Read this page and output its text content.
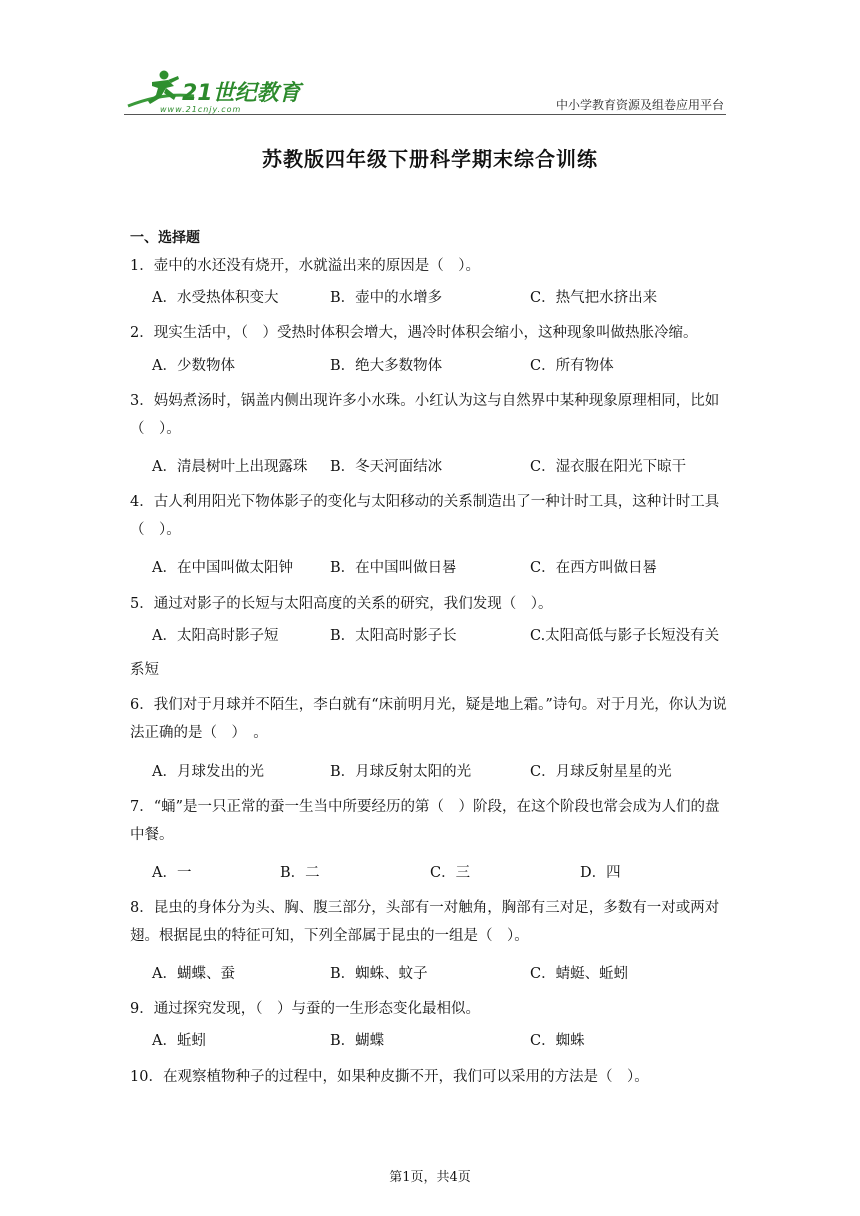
21世纪教育
www.21cnjy.com	中小学教育资源及组卷应用平台
苏教版四年级下册科学期末综合训练
一、选择题
1．壶中的水还没有烧开，水就溢出来的原因是（　）。
A．水受热体积变大	B．壶中的水增多	C．热气把水挤出来
2．现实生活中，（　）受热时体积会增大，遇冷时体积会缩小，这种现象叫做热胀冷缩。
A．少数物体	B．绝大多数物体	C．所有物体
3．妈妈煮汤时，锅盖内侧出现许多小水珠。小红认为这与自然界中某种现象原理相同，比如（　）。
A．清晨树叶上出现露珠 B．冬天河面结冰	C．湿衣服在阳光下晾干
4．古人利用阳光下物体影子的变化与太阳移动的关系制造出了一种计时工具，这种计时工具（　）。
A．在中国叫做太阳钟	B．在中国叫做日晷	C．在西方叫做日晷
5．通过对影子的长短与太阳高度的关系的研究，我们发现（　）。
A．太阳高时影子短	B．太阳高时影子长	C.太阳高低与影子长短没有关系短
6．我们对于月球并不陌生，李白就有“床前明月光，疑是地上霜。”诗句。对于月光，你认为说法正确的是（　）　。
A．月球发出的光	B．月球反射太阳的光	C．月球反射星星的光
7．“蛹”是一只正常的蚕一生当中所要经历的第（　）阶段，在这个阶段也常会成为人们的盘中餐。
A．一	B．二	C．三	D．四
8．昆虫的身体分为头、胸、腹三部分，头部有一对触角，胸部有三对足，多数有一对或两对翅。根据昆虫的特征可知，下列全部属于昆虫的一组是（　）。
A．蝴蝶、蚕	B．蜘蛛、蚊子	C．蜻蜓、蚯蚓
9．通过探究发现，（　）与蚕的一生形态变化最相似。
A．蚯蚓	B．蝴蝶	C．蜘蛛
10．在观察植物种子的过程中，如果种皮撕不开，我们可以采用的方法是（　）。
第1页，共4页
